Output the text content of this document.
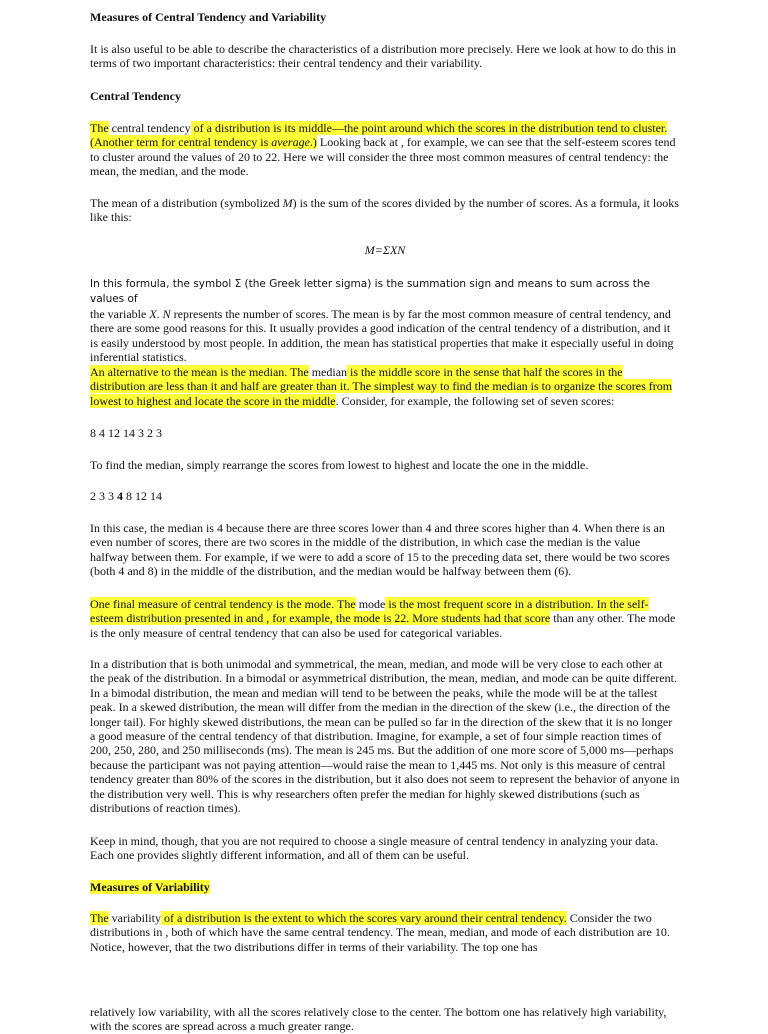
Measures of Central Tendency and Variability

It is also useful to be able to describe the characteristics of a distribution more precisely. Here we look at how to do this in terms of two important characteristics: their central tendency and their variability.

Central Tendency

The central tendency of a distribution is its middle—the point around which the scores in the distribution tend to cluster. (Another term for central tendency is average.) Looking back at , for example, we can see that the self-esteem scores tend to cluster around the values of 20 to 22. Here we will consider the three most common measures of central tendency: the mean, the median, and the mode.

The mean of a distribution (symbolized M) is the sum of the scores divided by the number of scores. As a formula, it looks like this:

M=ΣXN

In this formula, the symbol Σ (the Greek letter sigma) is the summation sign and means to sum across the values of
the variable X. N represents the number of scores. The mean is by far the most common measure of central tendency, and there are some good reasons for this. It usually provides a good indication of the central tendency of a distribution, and it is easily understood by most people. In addition, the mean has statistical properties that make it especially useful in doing inferential statistics.

An alternative to the mean is the median. The median is the middle score in the sense that half the scores in the distribution are less than it and half are greater than it. The simplest way to find the median is to organize the scores from lowest to highest and locate the score in the middle. Consider, for example, the following set of seven scores:

8 4 12 14 3 2 3

To find the median, simply rearrange the scores from lowest to highest and locate the one in the middle.

2 3 3 4 8 12 14

In this case, the median is 4 because there are three scores lower than 4 and three scores higher than 4. When there is an even number of scores, there are two scores in the middle of the distribution, in which case the median is the value halfway between them. For example, if we were to add a score of 15 to the preceding data set, there would be two scores (both 4 and 8) in the middle of the distribution, and the median would be halfway between them (6).

One final measure of central tendency is the mode. The mode is the most frequent score in a distribution. In the self-esteem distribution presented in and , for example, the mode is 22. More students had that score than any other. The mode is the only measure of central tendency that can also be used for categorical variables.

In a distribution that is both unimodal and symmetrical, the mean, median, and mode will be very close to each other at the peak of the distribution. In a bimodal or asymmetrical distribution, the mean, median, and mode can be quite different. In a bimodal distribution, the mean and median will tend to be between the peaks, while the mode will be at the tallest peak. In a skewed distribution, the mean will differ from the median in the direction of the skew (i.e., the direction of the longer tail). For highly skewed distributions, the mean can be pulled so far in the direction of the skew that it is no longer a good measure of the central tendency of that distribution. Imagine, for example, a set of four simple reaction times of 200, 250, 280, and 250 milliseconds (ms). The mean is 245 ms. But the addition of one more score of 5,000 ms—perhaps because the participant was not paying attention—would raise the mean to 1,445 ms. Not only is this measure of central tendency greater than 80% of the scores in the distribution, but it also does not seem to represent the behavior of anyone in the distribution very well. This is why researchers often prefer the median for highly skewed distributions (such as distributions of reaction times).

Keep in mind, though, that you are not required to choose a single measure of central tendency in analyzing your data. Each one provides slightly different information, and all of them can be useful.

Measures of Variability

The variability of a distribution is the extent to which the scores vary around their central tendency. Consider the two distributions in , both of which have the same central tendency. The mean, median, and mode of each distribution are 10. Notice, however, that the two distributions differ in terms of their variability. The top one has

relatively low variability, with all the scores relatively close to the center. The bottom one has relatively high variability, with the scores are spread across a much greater range.
